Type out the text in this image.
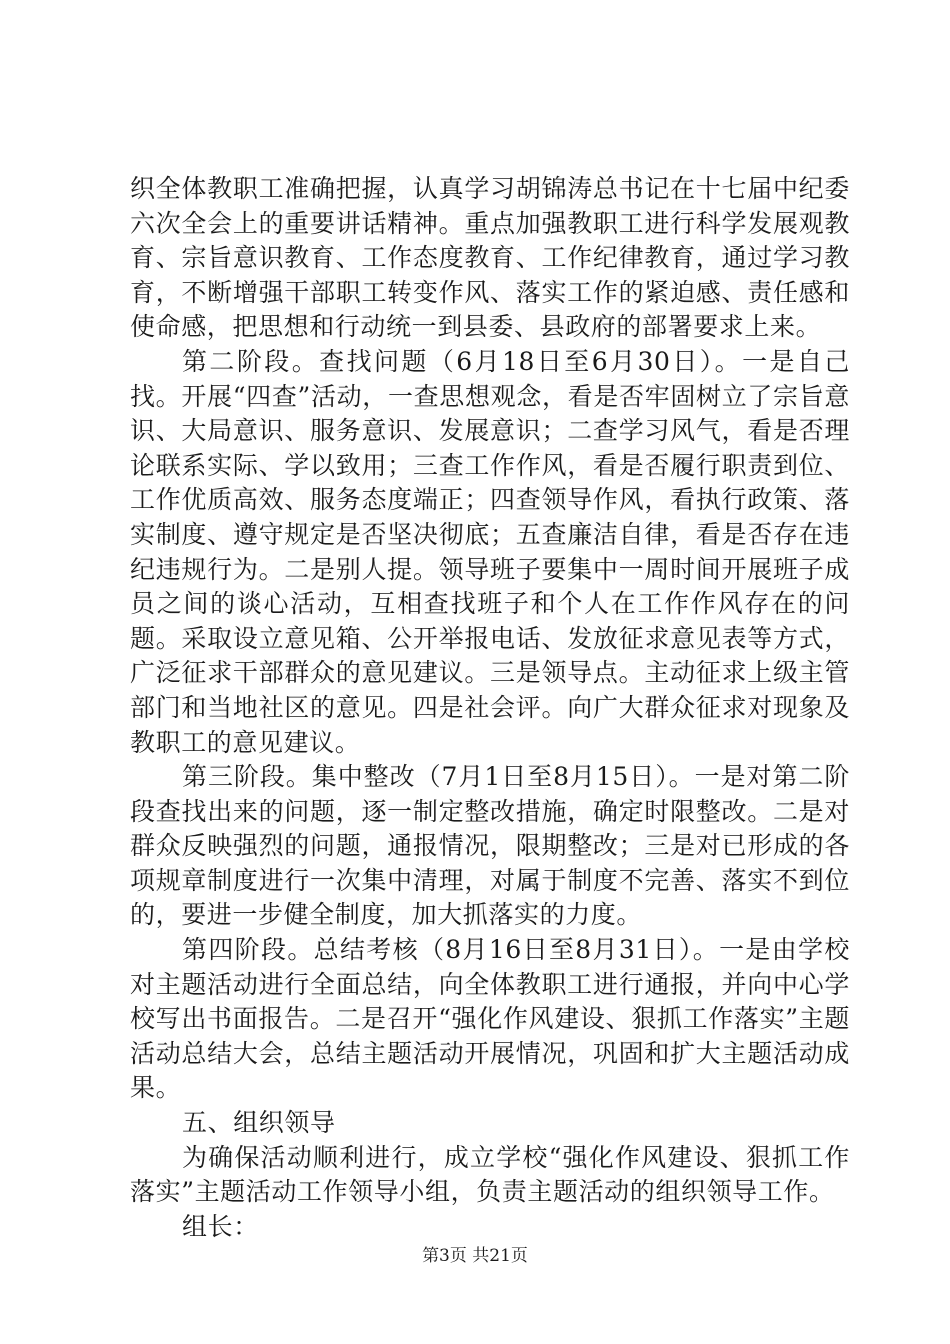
织全体教职工准确把握，认真学习胡锦涛总书记在十七届中纪委六次全会上的重要讲话精神。重点加强教职工进行科学发展观教育、宗旨意识教育、工作态度教育、工作纪律教育，通过学习教育，不断增强干部职工转变作风、落实工作的紧迫感、责任感和使命感，把思想和行动统一到县委、县政府的部署要求上来。

第二阶段。查找问题（6月18日至6月30日）。一是自己找。开展“四查”活动，一查思想观念，看是否牢固树立了宗旨意识、大局意识、服务意识、发展意识；二查学习风气，看是否理论联系实际、学以致用；三查工作作风，看是否履行职责到位、工作优质高效、服务态度端正；四查领导作风，看执行政策、落实制度、遵守规定是否坚决彻底；五查廉洁自律，看是否存在违纪违规行为。二是别人提。领导班子要集中一周时间开展班子成员之间的谈心活动，互相查找班子和个人在工作作风存在的问题。采取设立意见箱、公开举报电话、发放征求意见表等方式，广泛征求干部群众的意见建议。三是领导点。主动征求上级主管部门和当地社区的意见。四是社会评。向广大群众征求对现象及教职工的意见建议。

第三阶段。集中整改（7月1日至8月15日）。一是对第二阶段查找出来的问题，逐一制定整改措施，确定时限整改。二是对群众反映强烈的问题，通报情况，限期整改；三是对已形成的各项规章制度进行一次集中清理，对属于制度不完善、落实不到位的，要进一步健全制度，加大抓落实的力度。

第四阶段。总结考核（8月16日至8月31日）。一是由学校对主题活动进行全面总结，向全体教职工进行通报，并向中心学校写出书面报告。二是召开“强化作风建设、狠抓工作落实”主题活动总结大会，总结主题活动开展情况，巩固和扩大主题活动成果。

五、组织领导

为确保活动顺利进行，成立学校“强化作风建设、狠抓工作落实”主题活动工作领导小组，负责主题活动的组织领导工作。

组长：

第3页 共21页
